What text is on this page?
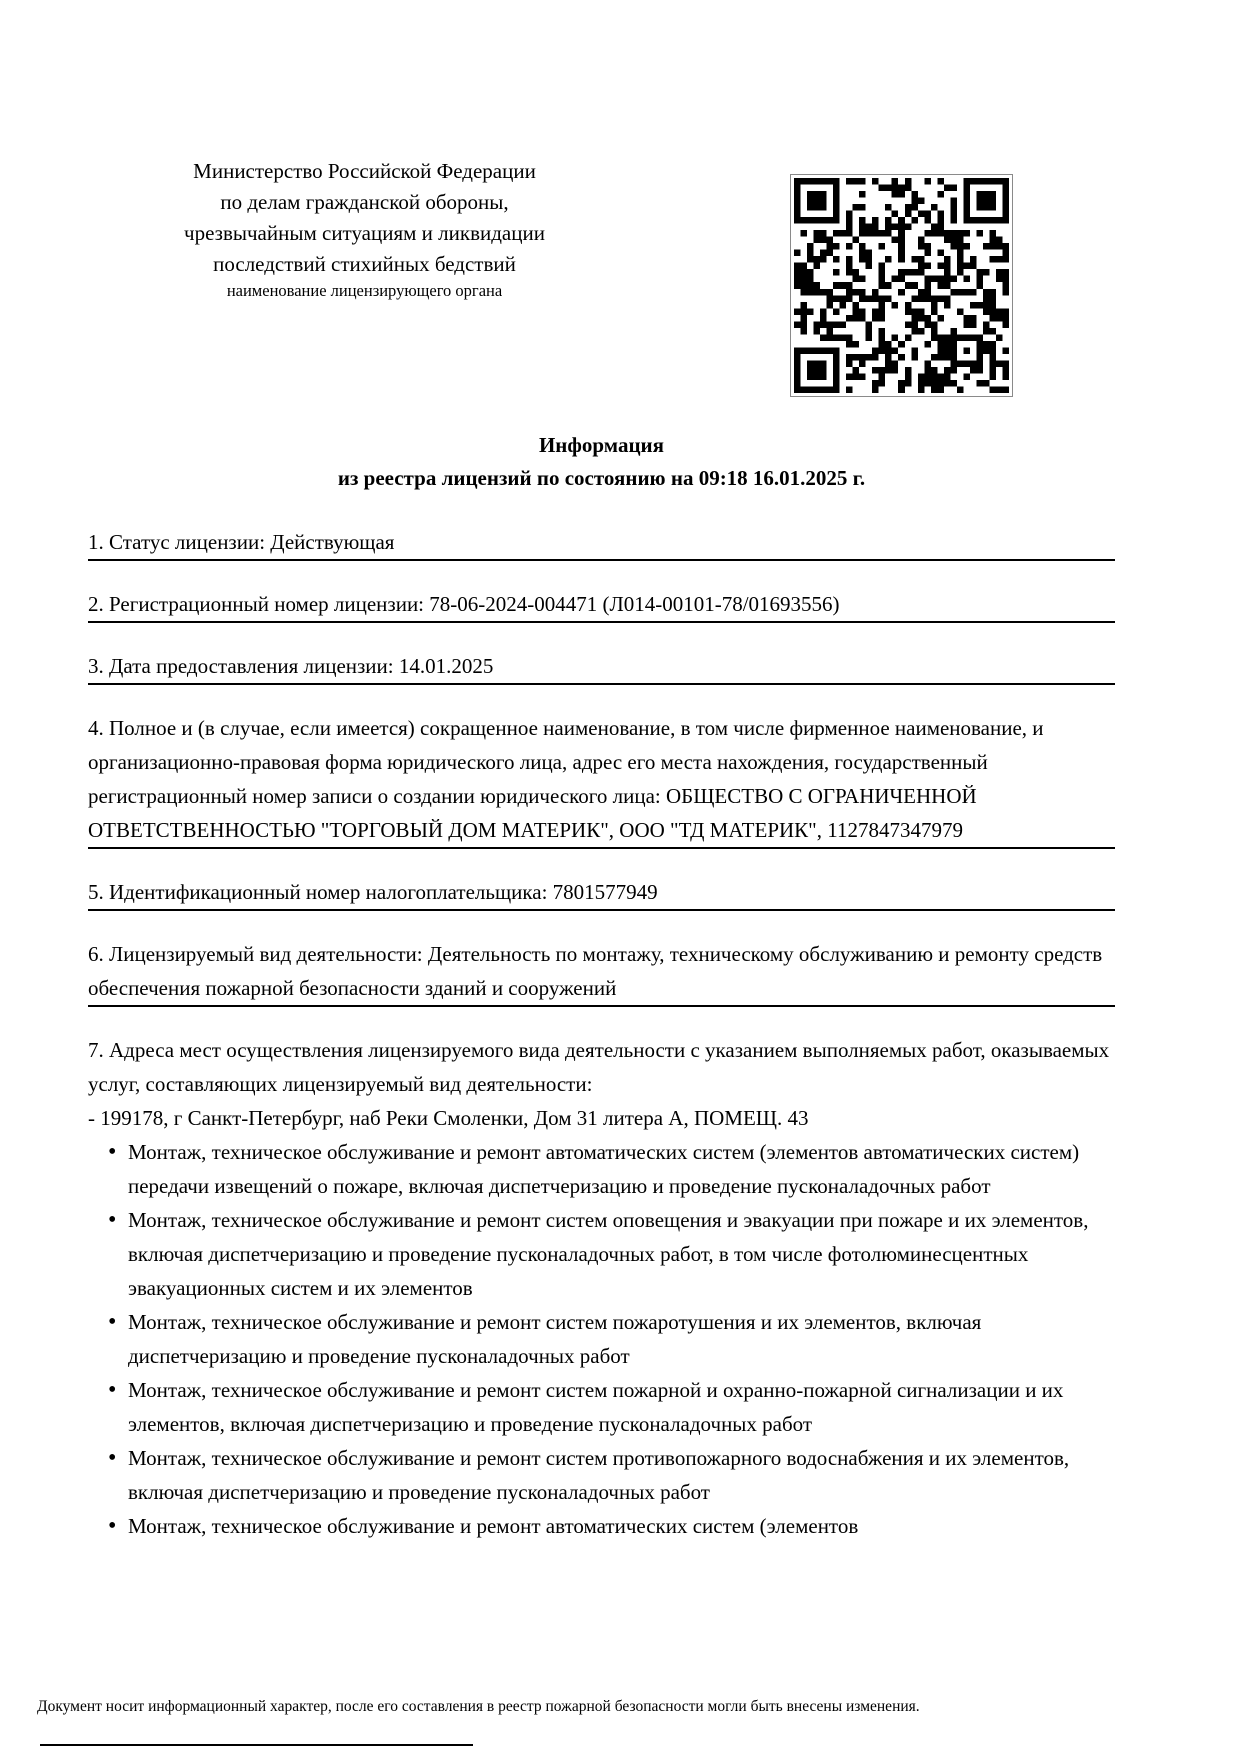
Министерство Российской Федерации
по делам гражданской обороны,
чрезвычайным ситуациям и ликвидации
последствий стихийных бедствий
наименование лицензирующего органа
Информация
из реестра лицензий по состоянию на 09:18 16.01.2025 г.
1. Статус лицензии: Действующая
2. Регистрационный номер лицензии: 78-06-2024-004471 (Л014-00101-78/01693556)
3. Дата предоставления лицензии: 14.01.2025
4. Полное и (в случае, если имеется) сокращенное наименование, в том числе фирменное наименование, и организационно-правовая форма юридического лица, адрес его места нахождения, государственный регистрационный номер записи о создании юридического лица: ОБЩЕСТВО С ОГРАНИЧЕННОЙ ОТВЕТСТВЕННОСТЬЮ "ТОРГОВЫЙ ДОМ МАТЕРИК", ООО "ТД МАТЕРИК", 1127847347979
5. Идентификационный номер налогоплательщика: 7801577949
6. Лицензируемый вид деятельности: Деятельность по монтажу, техническому обслуживанию и ремонту средств обеспечения пожарной безопасности зданий и сооружений
7. Адреса мест осуществления лицензируемого вида деятельности с указанием выполняемых работ, оказываемых услуг, составляющих лицензируемый вид деятельности:
- 199178, г Санкт-Петербург, наб Реки Смоленки, Дом 31 литера А, ПОМЕЩ. 43
• Монтаж, техническое обслуживание и ремонт автоматических систем (элементов автоматических систем) передачи извещений о пожаре, включая диспетчеризацию и проведение пусконаладочных работ
• Монтаж, техническое обслуживание и ремонт систем оповещения и эвакуации при пожаре и их элементов, включая диспетчеризацию и проведение пусконаладочных работ, в том числе фотолюминесцентных эвакуационных систем и их элементов
• Монтаж, техническое обслуживание и ремонт систем пожаротушения и их элементов, включая диспетчеризацию и проведение пусконаладочных работ
• Монтаж, техническое обслуживание и ремонт систем пожарной и охранно-пожарной сигнализации и их элементов, включая диспетчеризацию и проведение пусконаладочных работ
• Монтаж, техническое обслуживание и ремонт систем противопожарного водоснабжения и их элементов, включая диспетчеризацию и проведение пусконаладочных работ
• Монтаж, техническое обслуживание и ремонт автоматических систем (элементов
Документ носит информационный характер, после его составления в реестр пожарной безопасности могли быть внесены изменения.
